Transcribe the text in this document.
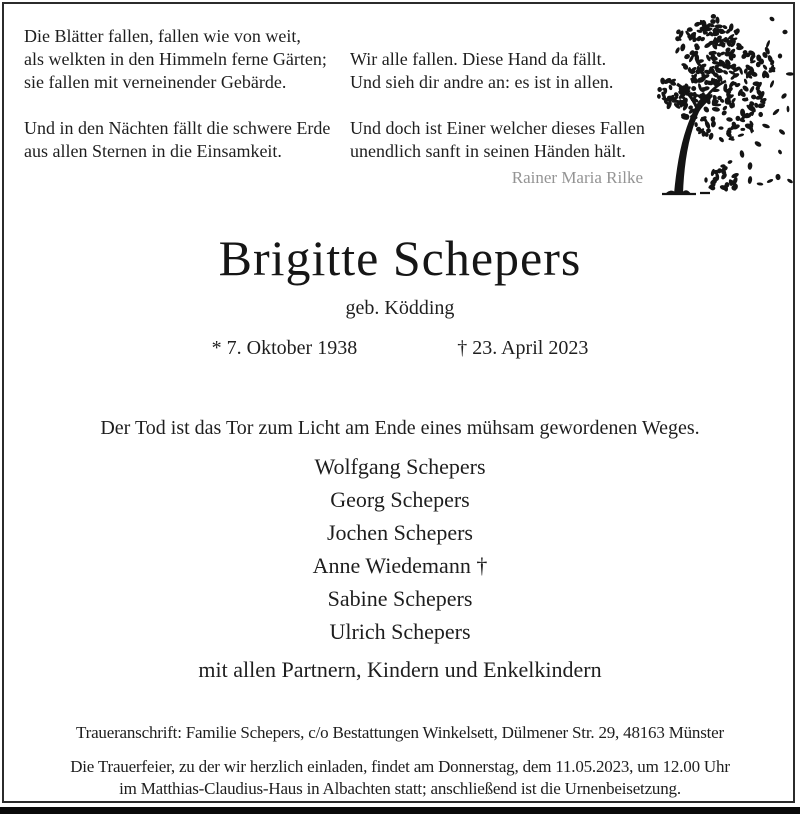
Die Blätter fallen, fallen wie von weit,
als welkten in den Himmeln ferne Gärten;
sie fallen mit verneinender Gebärde.
Und in den Nächten fällt die schwere Erde
aus allen Sternen in die Einsamkeit.
Wir alle fallen. Diese Hand da fällt.
Und sieh dir andre an: es ist in allen.
Und doch ist Einer welcher dieses Fallen
unendlich sanft in seinen Händen hält.
Rainer Maria Rilke
Brigitte Schepers
geb. Ködding
* 7. Oktober 1938	† 23. April 2023
Der Tod ist das Tor zum Licht am Ende eines mühsam gewordenen Weges.
Wolfgang Schepers
Georg Schepers
Jochen Schepers
Anne Wiedemann †
Sabine Schepers
Ulrich Schepers
mit allen Partnern, Kindern und Enkelkindern
Traueranschrift: Familie Schepers, c/o Bestattungen Winkelsett, Dülmener Str. 29, 48163 Münster
Die Trauerfeier, zu der wir herzlich einladen, findet am Donnerstag, dem 11.05.2023, um 12.00 Uhr
im Matthias-Claudius-Haus in Albachten statt; anschließend ist die Urnenbeisetzung.
